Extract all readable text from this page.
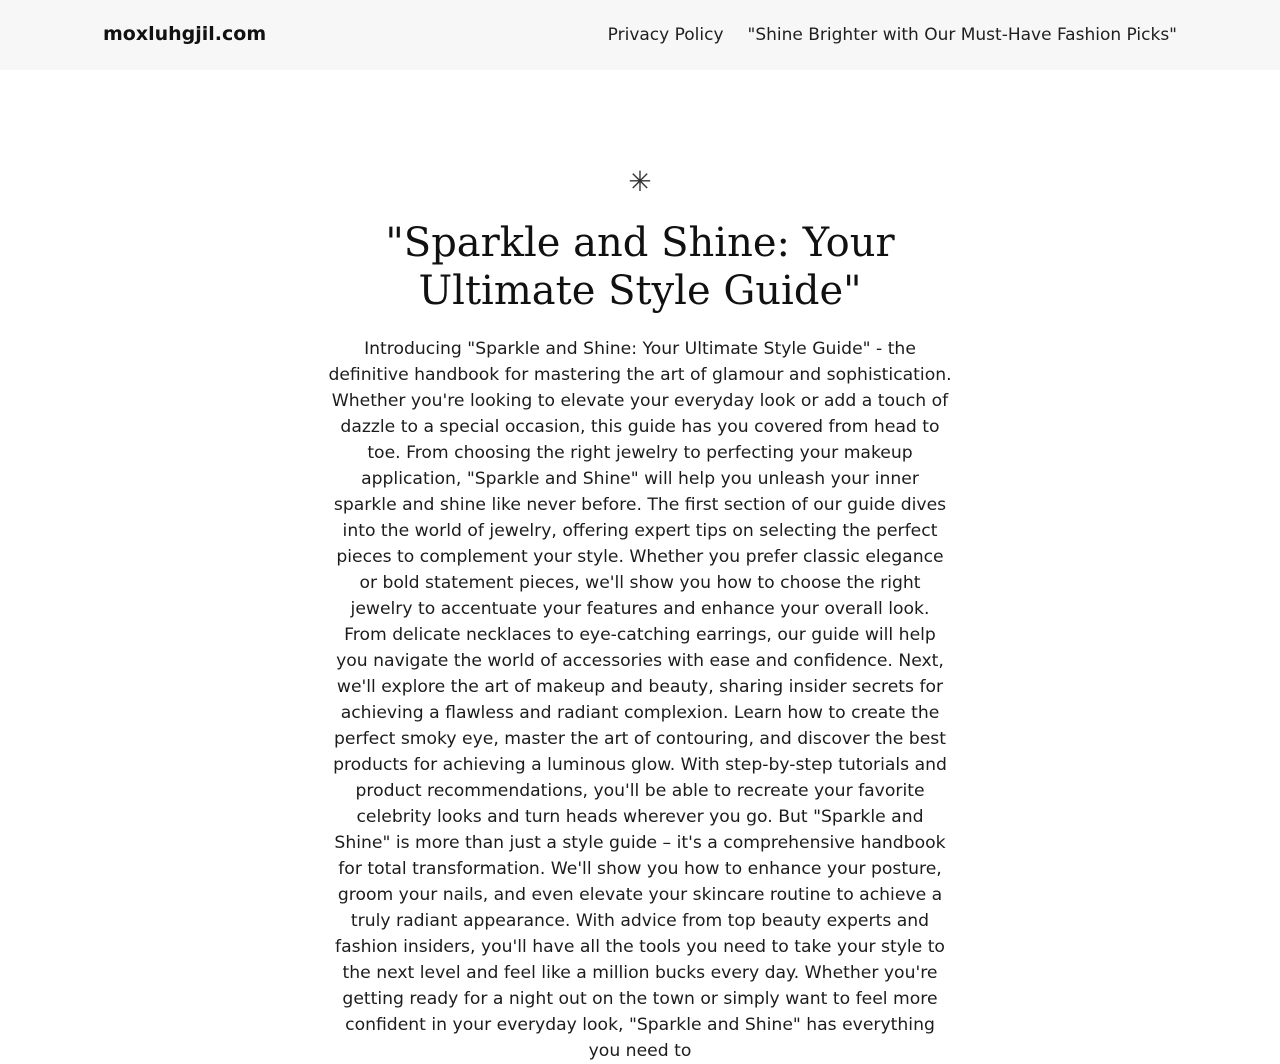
moxluhgjil.com	Privacy Policy "Shine Brighter with Our Must-Have Fashion Picks"
✳
"Sparkle and Shine: Your Ultimate Style Guide"

Introducing "Sparkle and Shine: Your Ultimate Style Guide" - the definitive handbook for mastering the art of glamour and sophistication. Whether you're looking to elevate your everyday look or add a touch of dazzle to a special occasion, this guide has you covered from head to toe. From choosing the right jewelry to perfecting your makeup application, "Sparkle and Shine" will help you unleash your inner sparkle and shine like never before. The first section of our guide dives into the world of jewelry, offering expert tips on selecting the perfect pieces to complement your style. Whether you prefer classic elegance or bold statement pieces, we'll show you how to choose the right jewelry to accentuate your features and enhance your overall look. From delicate necklaces to eye-catching earrings, our guide will help you navigate the world of accessories with ease and confidence. Next, we'll explore the art of makeup and beauty, sharing insider secrets for achieving a flawless and radiant complexion. Learn how to create the perfect smoky eye, master the art of contouring, and discover the best products for achieving a luminous glow. With step-by-step tutorials and product recommendations, you'll be able to recreate your favorite celebrity looks and turn heads wherever you go. But "Sparkle and Shine" is more than just a style guide – it's a comprehensive handbook for total transformation. We'll show you how to enhance your posture, groom your nails, and even elevate your skincare routine to achieve a truly radiant appearance. With advice from top beauty experts and fashion insiders, you'll have all the tools you need to take your style to the next level and feel like a million bucks every day. Whether you're getting ready for a night out on the town or simply want to feel more confident in your everyday look, "Sparkle and Shine" has everything you need to
